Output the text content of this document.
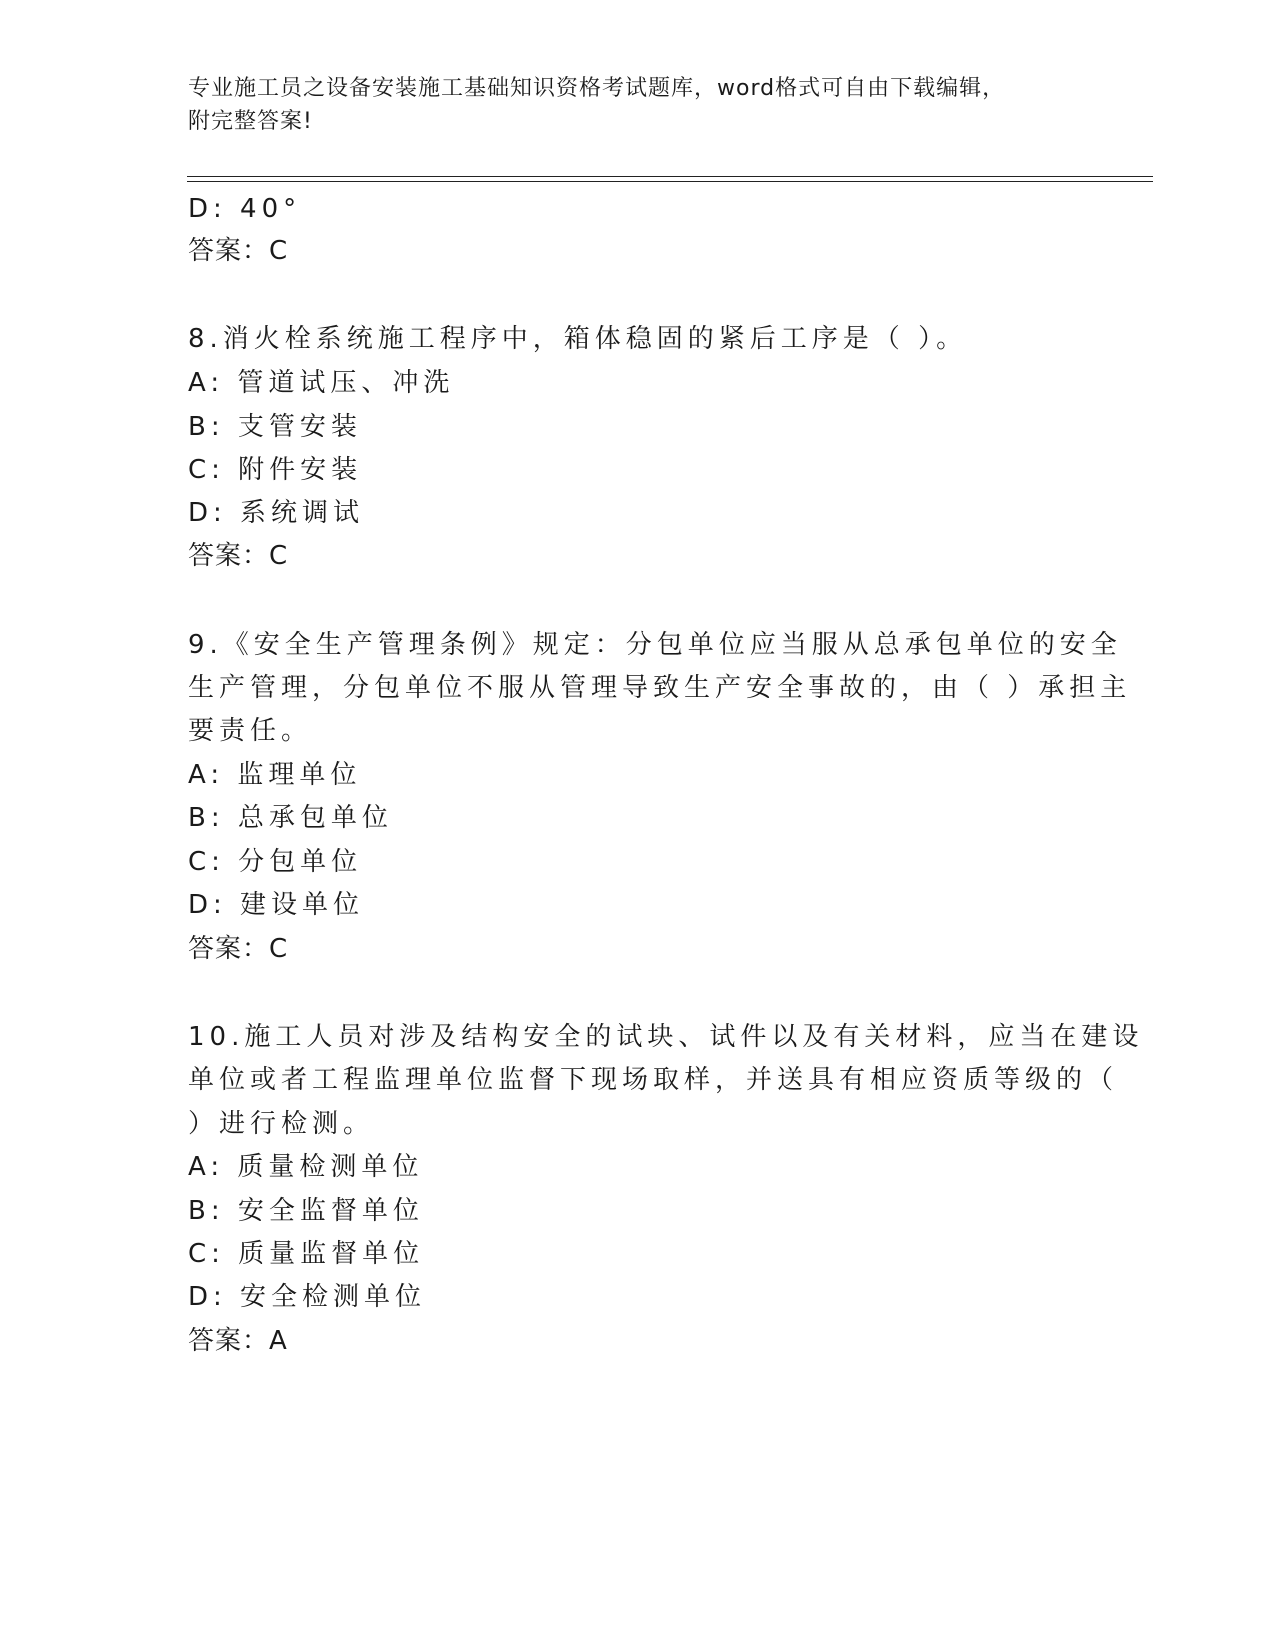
专业施工员之设备安装施工基础知识资格考试题库，word格式可自由下载编辑，
附完整答案!
D: 40°
答案：C
8.消火栓系统施工程序中，箱体稳固的紧后工序是（ ）。
A: 管道试压、冲洗
B: 支管安装
C: 附件安装
D: 系统调试
答案：C
9.《安全生产管理条例》规定：分包单位应当服从总承包单位的安全
生产管理，分包单位不服从管理导致生产安全事故的，由（ ）承担主
要责任。
A: 监理单位
B: 总承包单位
C: 分包单位
D: 建设单位
答案：C
10.施工人员对涉及结构安全的试块、试件以及有关材料，应当在建设
单位或者工程监理单位监督下现场取样，并送具有相应资质等级的（
）进行检测。
A: 质量检测单位
B: 安全监督单位
C: 质量监督单位
D: 安全检测单位
答案：A
